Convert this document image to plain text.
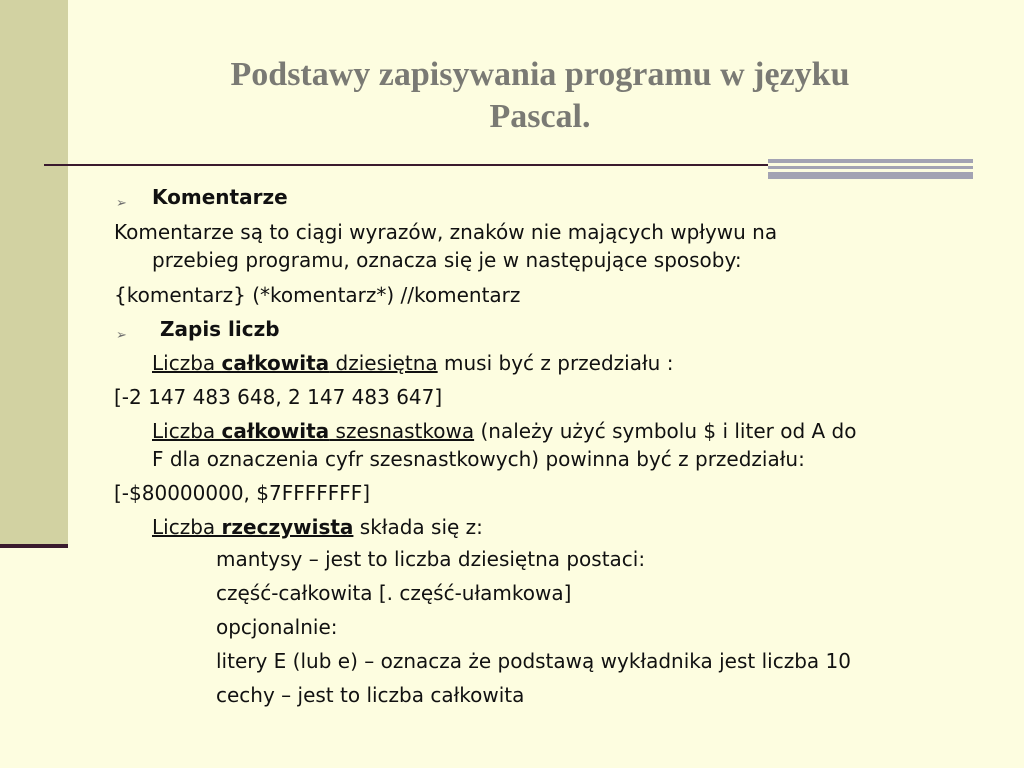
Podstawy zapisywania programu w języku
Pascal.
➢ Komentarze
Komentarze są to ciągi wyrazów, znaków nie mających wpływu na
przebieg programu, oznacza się je w następujące sposoby:
{komentarz} (*komentarz*) //komentarz
➢ Zapis liczb
Liczba całkowita dziesiętna musi być z przedziału :
[-2 147 483 648, 2 147 483 647]
Liczba całkowita szesnastkowa (należy użyć symbolu $ i liter od A do
F dla oznaczenia cyfr szesnastkowych) powinna być z przedziału:
[-$80000000, $7FFFFFFF]
Liczba rzeczywista składa się z:
mantysy – jest to liczba dziesiętna postaci:
część-całkowita [. część-ułamkowa]
opcjonalnie:
litery E (lub e) – oznacza że podstawą wykładnika jest liczba 10
cechy – jest to liczba całkowita
